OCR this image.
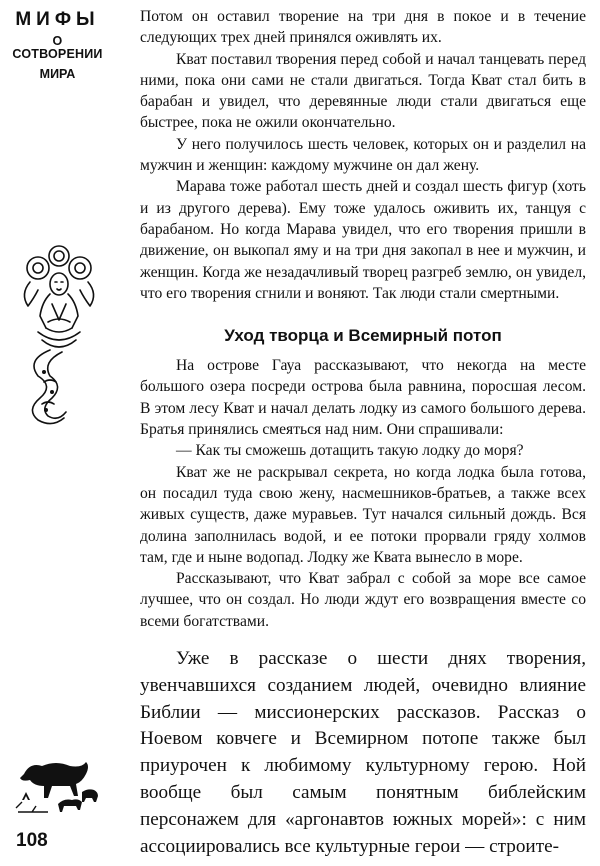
МИФЫ
О СОТВОРЕНИИ
МИРА
108

Потом он оставил творение на три дня в покое и в течение следующих трех дней принялся оживлять их.

Кват поставил творения перед собой и начал танцевать перед ними, пока они сами не стали двигаться. Тогда Кват стал бить в барабан и увидел, что деревянные люди стали двигаться еще быстрее, пока не ожили окончательно.

У него получилось шесть человек, которых он и разделил на мужчин и женщин: каждому мужчине он дал жену.

Марава тоже работал шесть дней и создал шесть фигур (хоть и из другого дерева). Ему тоже удалось оживить их, танцуя с барабаном. Но когда Марава увидел, что его творения пришли в движение, он выкопал яму и на три дня закопал в нее и мужчин, и женщин. Когда же незадачливый творец разгреб землю, он увидел, что его творения сгнили и воняют. Так люди стали смертными.

Уход творца и Всемирный потоп

На острове Гауа рассказывают, что некогда на месте большого озера посреди острова была равнина, поросшая лесом. В этом лесу Кват и начал делать лодку из самого большого дерева. Братья принялись смеяться над ним. Они спрашивали:

— Как ты сможешь дотащить такую лодку до моря?

Кват же не раскрывал секрета, но когда лодка была готова, он посадил туда свою жену, насмешников-братьев, а также всех живых существ, даже муравьев. Тут начался сильный дождь. Вся долина заполнилась водой, и ее потоки прорвали гряду холмов там, где и ныне водопад. Лодку же Квата вынесло в море.

Рассказывают, что Кват забрал с собой за море все самое лучшее, что он создал. Но люди ждут его возвращения вместе со всеми богатствами.

Уже в рассказе о шести днях творения, увенчавшихся созданием людей, очевидно влияние Библии — миссионерских рассказов. Рассказ о Ноевом ковчеге и Всемирном потопе также был приурочен к любимому культурному герою. Ной вообще был самым понятным библейским персонажем для «аргонавтов южных морей»: с ним ассоциировались все культурные герои — строите-
